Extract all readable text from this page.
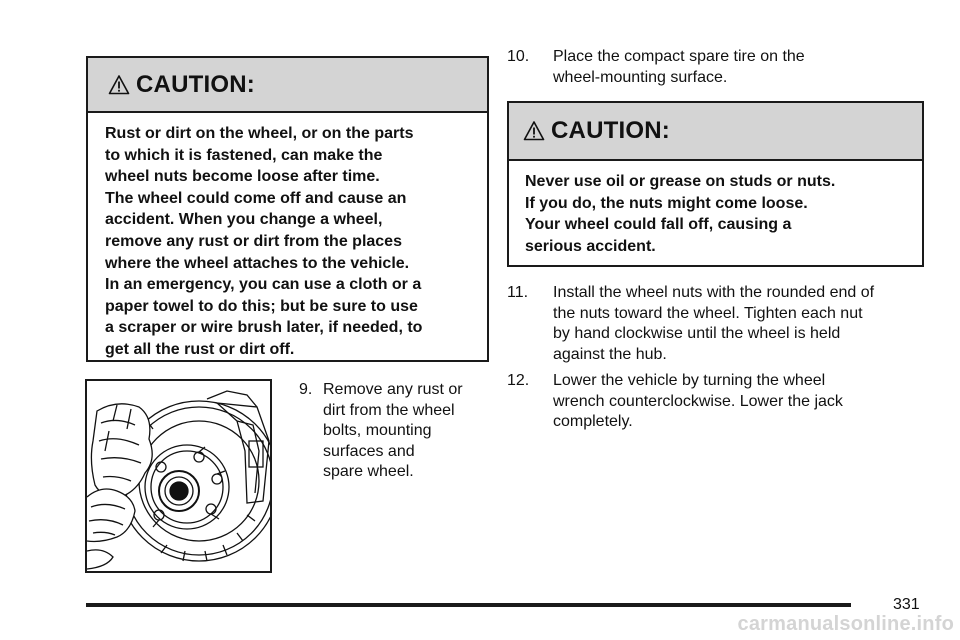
CAUTION:

Rust or dirt on the wheel, or on the parts

to which it is fastened, can make the

wheel nuts become loose after time.

The wheel could come off and cause an

accident. When you change a wheel,

remove any rust or dirt from the places

where the wheel attaches to the vehicle.

In an emergency, you can use a cloth or a

paper towel to do this; but be sure to use

a scraper or wire brush later, if needed, to

get all the rust or dirt off.

9. Remove any rust or
dirt from the wheel
bolts, mounting
surfaces and
spare wheel.
10.	Place the compact spare tire on the
wheel-mounting surface.
CAUTION:

Never use oil or grease on studs or nuts.

If you do, the nuts might come loose.

Your wheel could fall off, causing a

serious accident.

11.	Install the wheel nuts with the rounded end of
the nuts toward the wheel. Tighten each nut
by hand clockwise until the wheel is held
against the hub.
12.	Lower the vehicle by turning the wheel
wrench counterclockwise. Lower the jack
completely.
331
carmanualsonline.info
